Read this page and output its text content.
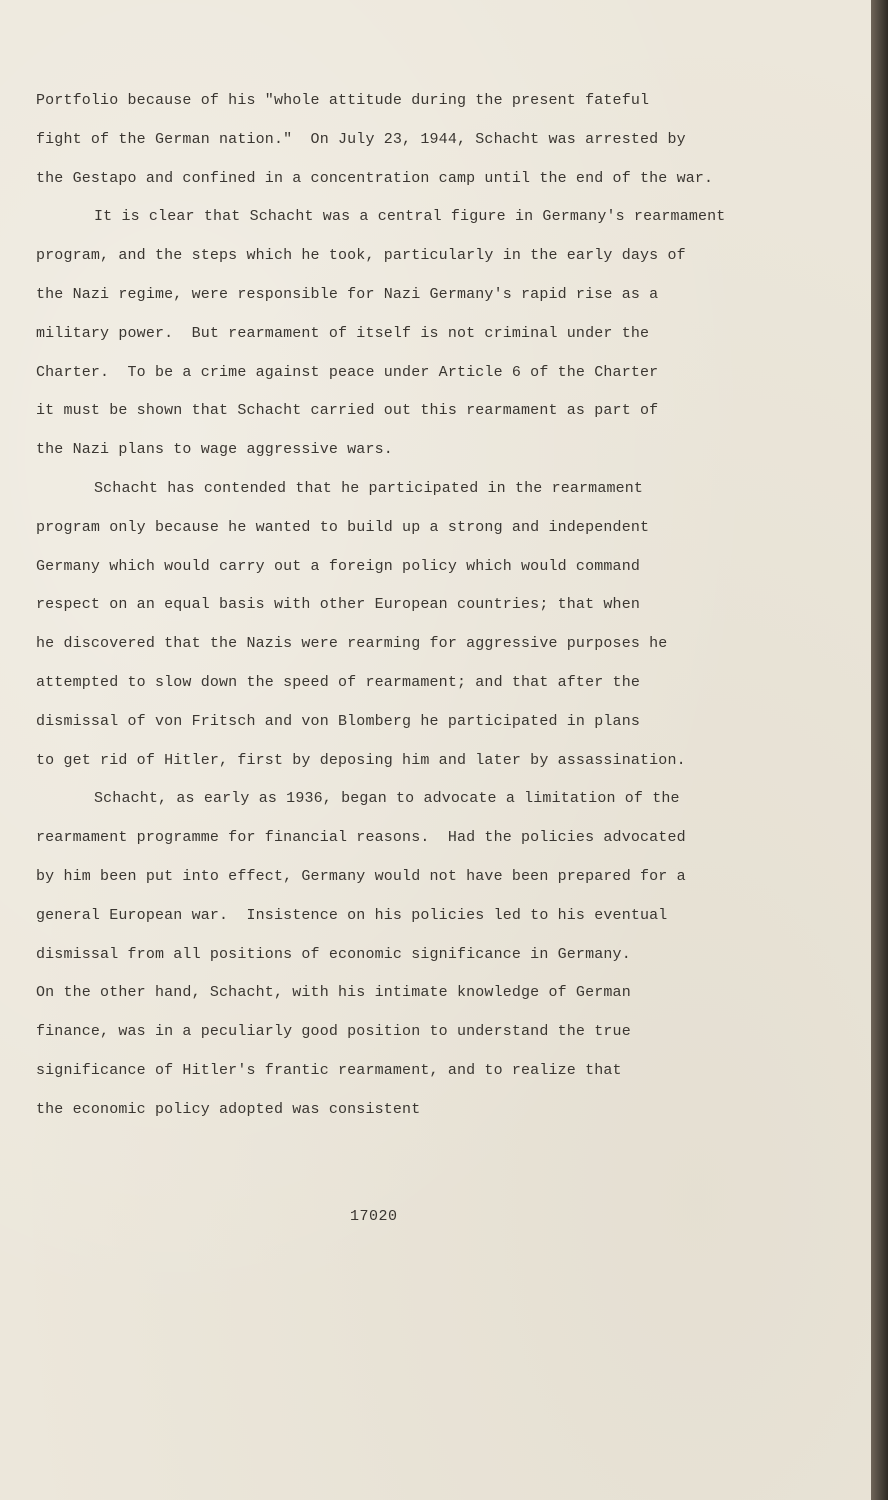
Portfolio because of his "whole attitude during the present fateful
fight of the German nation."  On July 23, 1944, Schacht was arrested by
the Gestapo and confined in a concentration camp until the end of the war.
It is clear that Schacht was a central figure in Germany's rearmament
program, and the steps which he took, particularly in the early days of
the Nazi regime, were responsible for Nazi Germany's rapid rise as a
military power.  But rearmament of itself is not criminal under the
Charter.  To be a crime against peace under Article 6 of the Charter
it must be shown that Schacht carried out this rearmament as part of
the Nazi plans to wage aggressive wars.
Schacht has contended that he participated in the rearmament
program only because he wanted to build up a strong and independent
Germany which would carry out a foreign policy which would command
respect on an equal basis with other European countries; that when
he discovered that the Nazis were rearming for aggressive purposes he
attempted to slow down the speed of rearmament; and that after the
dismissal of von Fritsch and von Blomberg he participated in plans
to get rid of Hitler, first by deposing him and later by assassination.
Schacht, as early as 1936, began to advocate a limitation of the
rearmament programme for financial reasons.  Had the policies advocated
by him been put into effect, Germany would not have been prepared for a
general European war.  Insistence on his policies led to his eventual
dismissal from all positions of economic significance in Germany.
On the other hand, Schacht, with his intimate knowledge of German
finance, was in a peculiarly good position to understand the true
significance of Hitler's frantic rearmament, and to realize that
the economic policy adopted was consistent
17020
